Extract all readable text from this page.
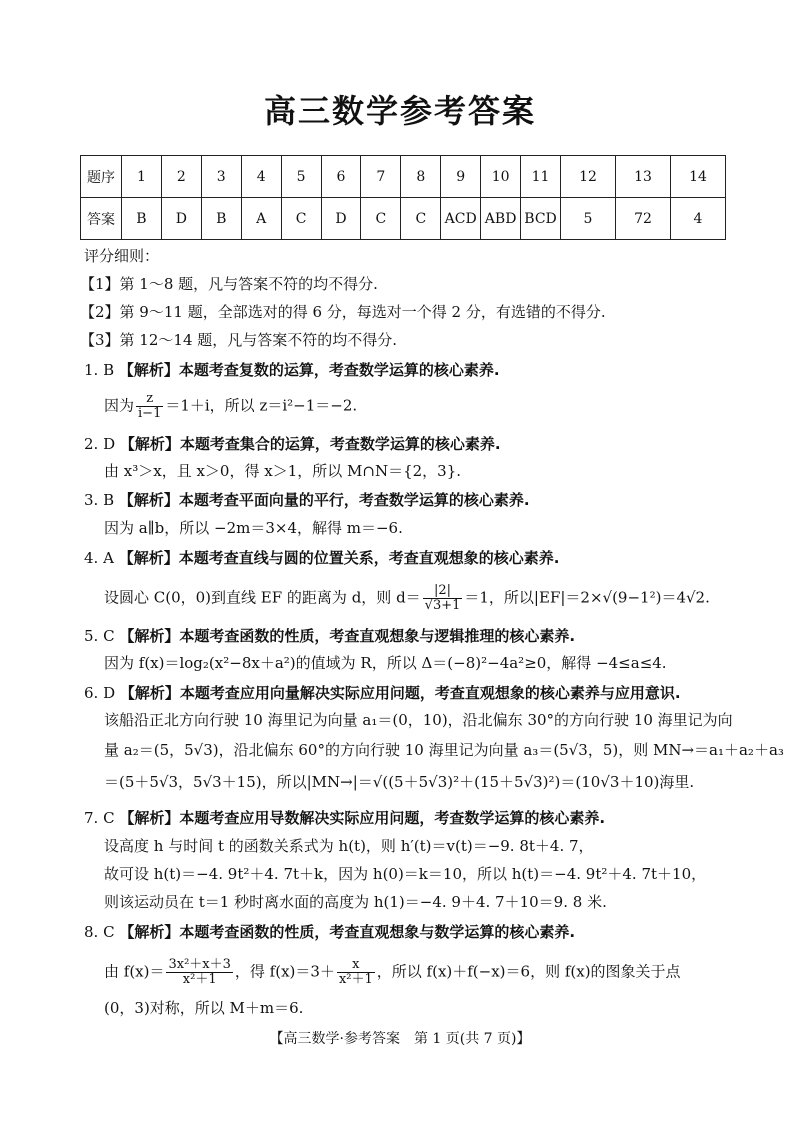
高三数学参考答案
题序	1	2	3	4	5	6	7	8	9	10	11	12	13	14
答案	B	D	B	A	C	D	C	C	ACD	ABD	BCD	5	72	4
评分细则：
【1】第 1～8 题，凡与答案不符的均不得分.
【2】第 9～11 题，全部选对的得 6 分，每选对一个得 2 分，有选错的不得分.
【3】第 12～14 题，凡与答案不符的均不得分.
1. B 【解析】本题考查复数的运算，考查数学运算的核心素养.
因为 $\frac{z}{i-1} =1+i$，所以 z＝i²−1＝−2.
2. D 【解析】本题考查集合的运算，考查数学运算的核心素养.
由 x³＞x，且 x＞0，得 x＞1，所以 M∩N＝{2，3}.
3. B 【解析】本题考查平面向量的平行，考查数学运算的核心素养.
因为 a∥b，所以 −2m＝3×4，解得 m＝−6.
4. A 【解析】本题考查直线与圆的位置关系，考查直观想象的核心素养.
设圆心 C(0，0)到直线 EF 的距离为 d，则 $d= \frac{|2|}{√3+1} =1$，所以|EF|＝2×√(9−1²)＝4√2.
5. C 【解析】本题考查函数的性质，考查直观想象与逻辑推理的核心素养.
因为 f(x)＝log₂(x²−8x＋a²)的值域为 R，所以 Δ＝(−8)²−4a²≥0，解得 −4≤a≤4.
6. D 【解析】本题考查应用向量解决实际应用问题，考查直观想象的核心素养与应用意识.
该船沿正北方向行驶 10 海里记为向量 a₁＝(0，10)，沿北偏东 30°的方向行驶 10 海里记为向
量 a₂＝(5，5√3)，沿北偏东 60°的方向行驶 10 海里记为向量 a₃＝(5√3，5)，则 MN→＝a₁＋a₂＋a₃
＝(5＋5√3，5√3＋15)，所以|MN→|＝√((5＋5√3)²＋(15＋5√3)²)＝(10√3＋10)海里.
7. C 【解析】本题考查应用导数解决实际应用问题，考查数学运算的核心素养.
设高度 h 与时间 t 的函数关系式为 h(t)，则 h′(t)＝v(t)＝−9. 8t＋4. 7，
故可设 h(t)＝−4. 9t²＋4. 7t＋k，因为 h(0)＝k＝10，所以 h(t)＝−4. 9t²＋4. 7t＋10，
则该运动员在 t＝1 秒时离水面的高度为 h(1)＝−4. 9＋4. 7＋10＝9. 8 米.
8. C 【解析】本题考查函数的性质，考查直观想象与数学运算的核心素养.
由 $f(x)= \frac{\text{3x²＋x＋3}}{\text{x²＋1}}$ ，得 $f(x)=3+ \frac{x}{\text{x²＋1}}$ ，所以 f(x)＋f(−x)＝6，则 f(x)的图象关于点
(0，3)对称，所以 M＋m＝6.
【高三数学·参考答案　第 1 页(共 7 页)】
